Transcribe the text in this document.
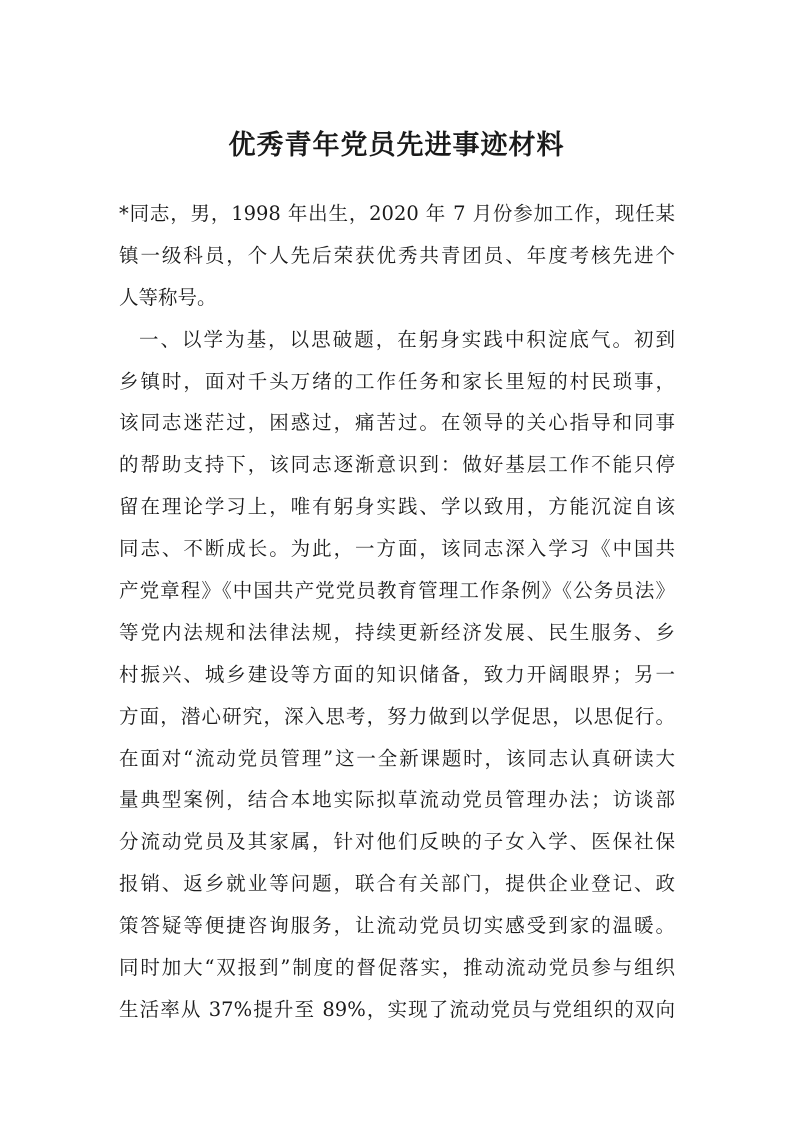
优秀青年党员先进事迹材料
*同志，男，1998 年出生，2020 年 7 月份参加工作，现任某
镇一级科员，个人先后荣获优秀共青团员、年度考核先进个
人等称号。
一、以学为基，以思破题，在躬身实践中积淀底气。初到
乡镇时，面对千头万绪的工作任务和家长里短的村民琐事，
该同志迷茫过，困惑过，痛苦过。在领导的关心指导和同事
的帮助支持下，该同志逐渐意识到：做好基层工作不能只停
留在理论学习上，唯有躬身实践、学以致用，方能沉淀自该
同志、不断成长。为此，一方面，该同志深入学习《中国共
产党章程》《中国共产党党员教育管理工作条例》《公务员法》
等党内法规和法律法规，持续更新经济发展、民生服务、乡
村振兴、城乡建设等方面的知识储备，致力开阔眼界；另一
方面，潜心研究，深入思考，努力做到以学促思，以思促行。
在面对“流动党员管理”这一全新课题时，该同志认真研读大
量典型案例，结合本地实际拟草流动党员管理办法；访谈部
分流动党员及其家属，针对他们反映的子女入学、医保社保
报销、返乡就业等问题，联合有关部门，提供企业登记、政
策答疑等便捷咨询服务，让流动党员切实感受到家的温暖。
同时加大“双报到”制度的督促落实，推动流动党员参与组织
生活率从 37%提升至 89%，实现了流动党员与党组织的双向
